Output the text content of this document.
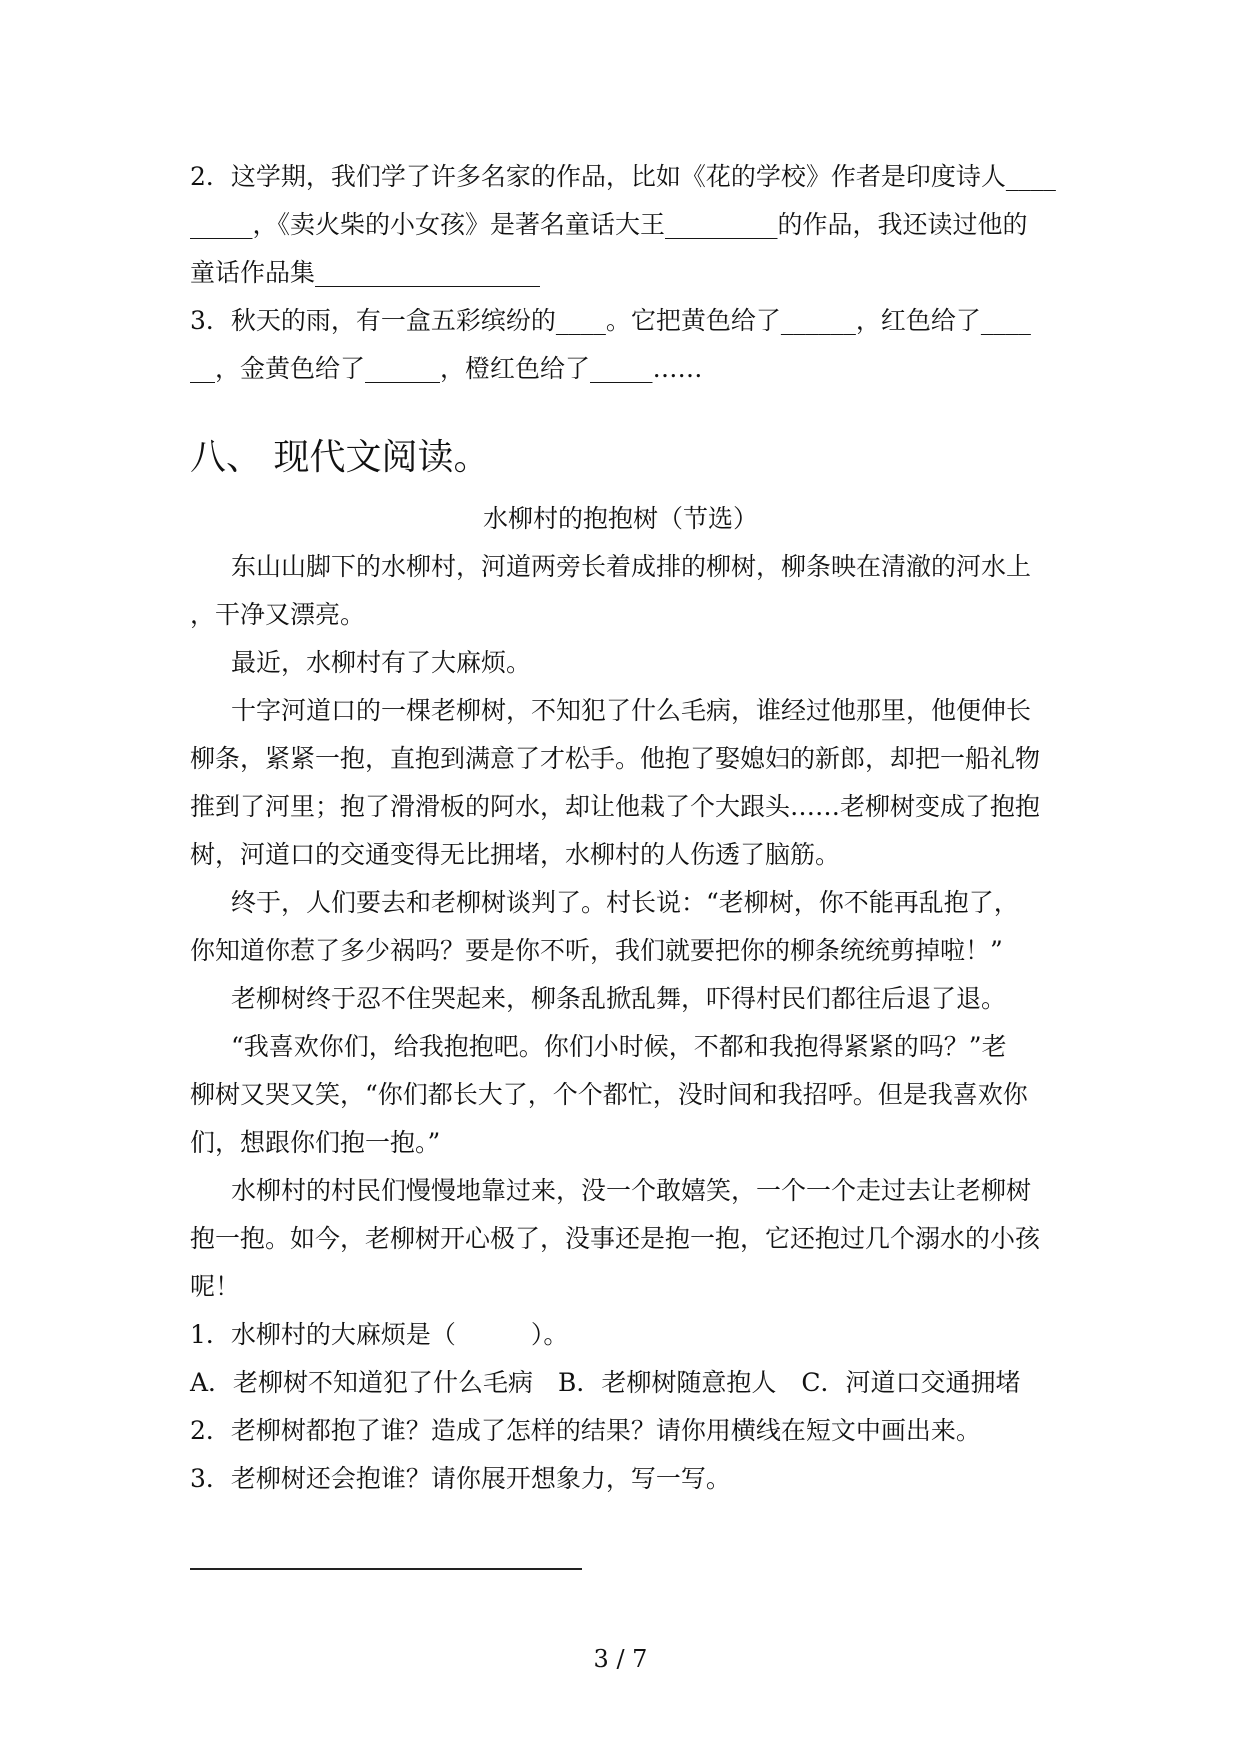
2．这学期，我们学了许多名家的作品，比如《花的学校》作者是印度诗人____
_____，《卖火柴的小女孩》是著名童话大王_________的作品，我还读过他的
童话作品集__________________
3．秋天的雨，有一盒五彩缤纷的____。它把黄色给了______，红色给了____
__，金黄色给了______，橙红色给了_____……
八、 现代文阅读。
水柳村的抱抱树（节选）
东山山脚下的水柳村，河道两旁长着成排的柳树，柳条映在清澈的河水上
，干净又漂亮。
最近，水柳村有了大麻烦。
十字河道口的一棵老柳树，不知犯了什么毛病，谁经过他那里，他便伸长
柳条，紧紧一抱，直抱到满意了才松手。他抱了娶媳妇的新郎，却把一船礼物
推到了河里；抱了滑滑板的阿水，却让他栽了个大跟头……老柳树变成了抱抱
树，河道口的交通变得无比拥堵，水柳村的人伤透了脑筋。
终于，人们要去和老柳树谈判了。村长说：“老柳树，你不能再乱抱了，
你知道你惹了多少祸吗？要是你不听，我们就要把你的柳条统统剪掉啦！”
老柳树终于忍不住哭起来，柳条乱掀乱舞，吓得村民们都往后退了退。
“我喜欢你们，给我抱抱吧。你们小时候，不都和我抱得紧紧的吗？”老
柳树又哭又笑，“你们都长大了，个个都忙，没时间和我招呼。但是我喜欢你
们，想跟你们抱一抱。”
水柳村的村民们慢慢地靠过来，没一个敢嬉笑，一个一个走过去让老柳树
抱一抱。如今，老柳树开心极了，没事还是抱一抱，它还抱过几个溺水的小孩
呢！
1．水柳村的大麻烦是（　　　）。
A．老柳树不知道犯了什么毛病　B．老柳树随意抱人　C．河道口交通拥堵
2．老柳树都抱了谁？造成了怎样的结果？请你用横线在短文中画出来。
3．老柳树还会抱谁？请你展开想象力，写一写。
3 / 7
